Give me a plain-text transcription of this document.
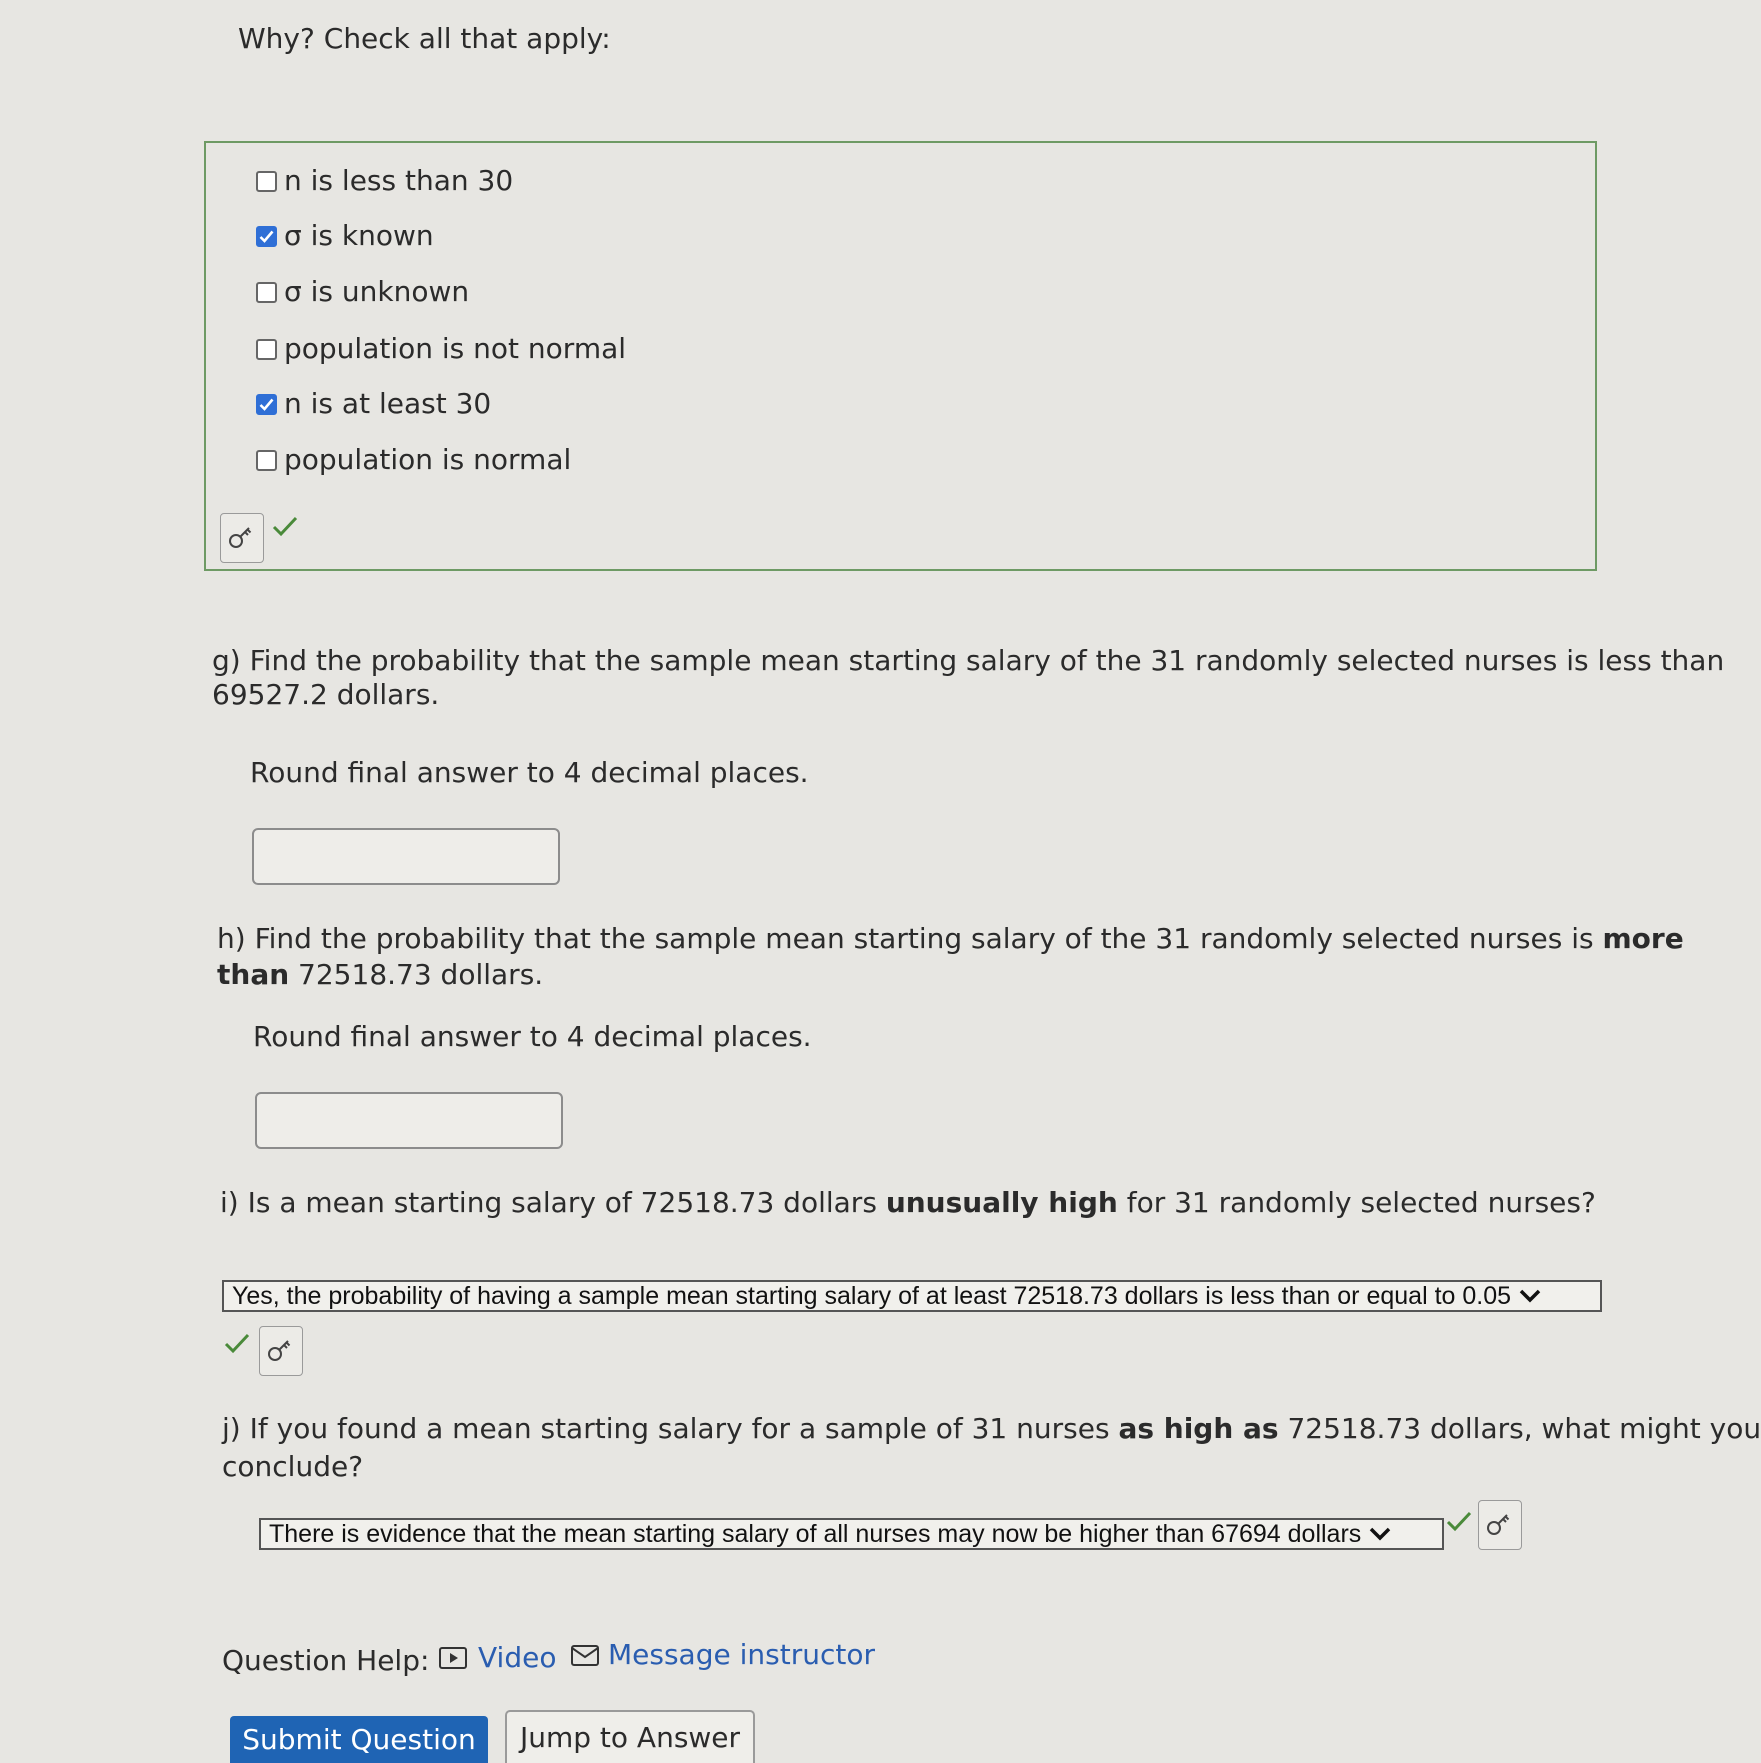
Why? Check all that apply:
n is less than 30
σ is known
σ is unknown
population is not normal
n is at least 30
population is normal
g) Find the probability that the sample mean starting salary of the 31 randomly selected nurses is less than
69527.2 dollars.
Round final answer to 4 decimal places.
h) Find the probability that the sample mean starting salary of the 31 randomly selected nurses is more
than 72518.73 dollars.
Round final answer to 4 decimal places.
i) Is a mean starting salary of 72518.73 dollars unusually high for 31 randomly selected nurses?
Yes, the probability of having a sample mean starting salary of at least 72518.73 dollars is less than or equal to 0.05
j) If you found a mean starting salary for a sample of 31 nurses as high as 72518.73 dollars, what might you
conclude?
There is evidence that the mean starting salary of all nurses may now be higher than 67694 dollars
Question Help: Video Message instructor
Submit Question	Jump to Answer
